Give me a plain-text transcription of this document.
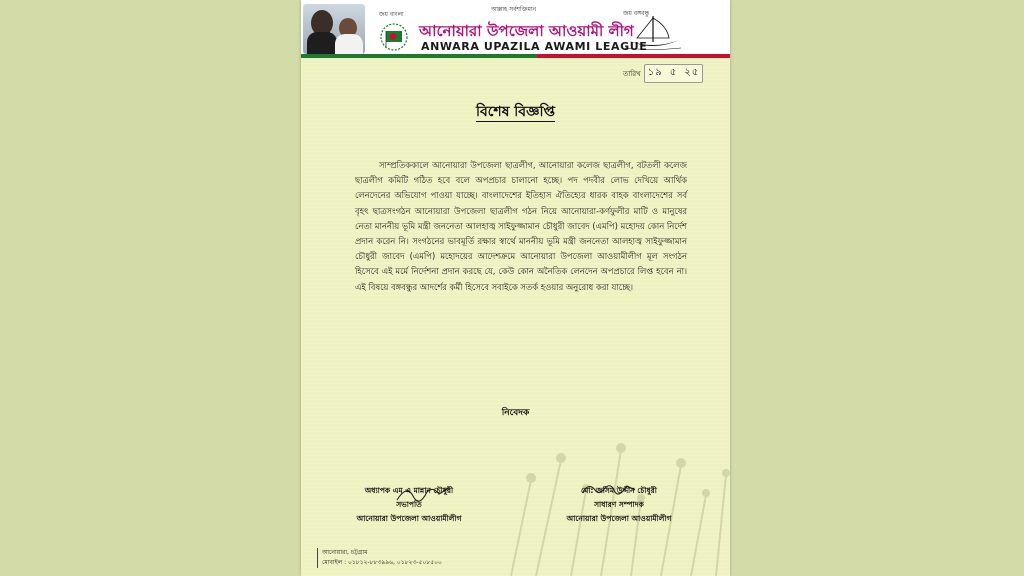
আল্লাহ সর্বশক্তিমান
জয় বাংলা	জয় বঙ্গবন্ধু
আনোয়ারা উপজেলা আওয়ামী লীগ
ANWARA UPAZILA AWAMI LEAGUE
তারিখ ১৯ ৫ ২৫
বিশেষ বিজ্ঞপ্তি
সাম্প্রতিককালে আনোয়ারা উপজেলা ছাত্রলীগ, আনোয়ারা কলেজ ছাত্রলীগ, বটতলী কলেজ ছাত্রলীগ কমিটি গঠিত হবে বলে অপপ্রচার চালানো হচ্ছে। পদ পদবীর লোভ দেখিয়ে আর্থিক লেনদেনের অভিযোগ পাওয়া যাচ্ছে। বাংলাদেশের ইতিহাস ঐতিহ্যের ধারক বাহক বাংলাদেশের সর্ব বৃহৎ ছাত্রসংগঠন আনোয়ারা উপজেলা ছাত্রলীগ গঠন নিয়ে আনোয়ারা-কর্ণফুলীর মাটি ও মানুষের নেতা মাননীয় ভূমি মন্ত্রী জননেতা আলহাজ্ব সাইফুজ্জামান চৌধুরী জাবেদ (এমপি) মহোদয় কোন নির্দেশ প্রদান করেন নি। সংগঠনের ভাবমূর্তি রক্ষার স্বার্থে মাননীয় ভূমি মন্ত্রী জননেতা আলহাজ্ব সাইফুজ্জামান চৌধুরী জাবেদ (এমপি) মহোদয়ের আদেশক্রমে আনোয়ারা উপজেলা আওয়ামীলীগ মূল সংগঠন হিসেবে এই মর্মে নির্দেশনা প্রদান করছে যে, কেউ কোন অনৈতিক লেনদেন অপপ্রচারে লিপ্ত হবেন না। এই বিষয়ে বঙ্গবন্ধুর আদর্শের কর্মী হিসেবে সবাইকে সতর্ক হওয়ার অনুরোধ করা যাচ্ছে।
নিবেদক
অধ্যাপক এম এ মান্নান চৌধুরী
সভাপতি
আনোয়ারা উপজেলা আওয়ামীলীগ
মো: জসিম উদ্দীন চৌধুরী
সাধারণ সম্পাদক
আনোয়ারা উপজেলা আওয়ামীলীগ
আনোয়ারা, চট্টগ্রাম
মোবাইল : ০১৮১২-৮৮৩৯৯৬, ০১৮২৩-৫০৮৫০০
